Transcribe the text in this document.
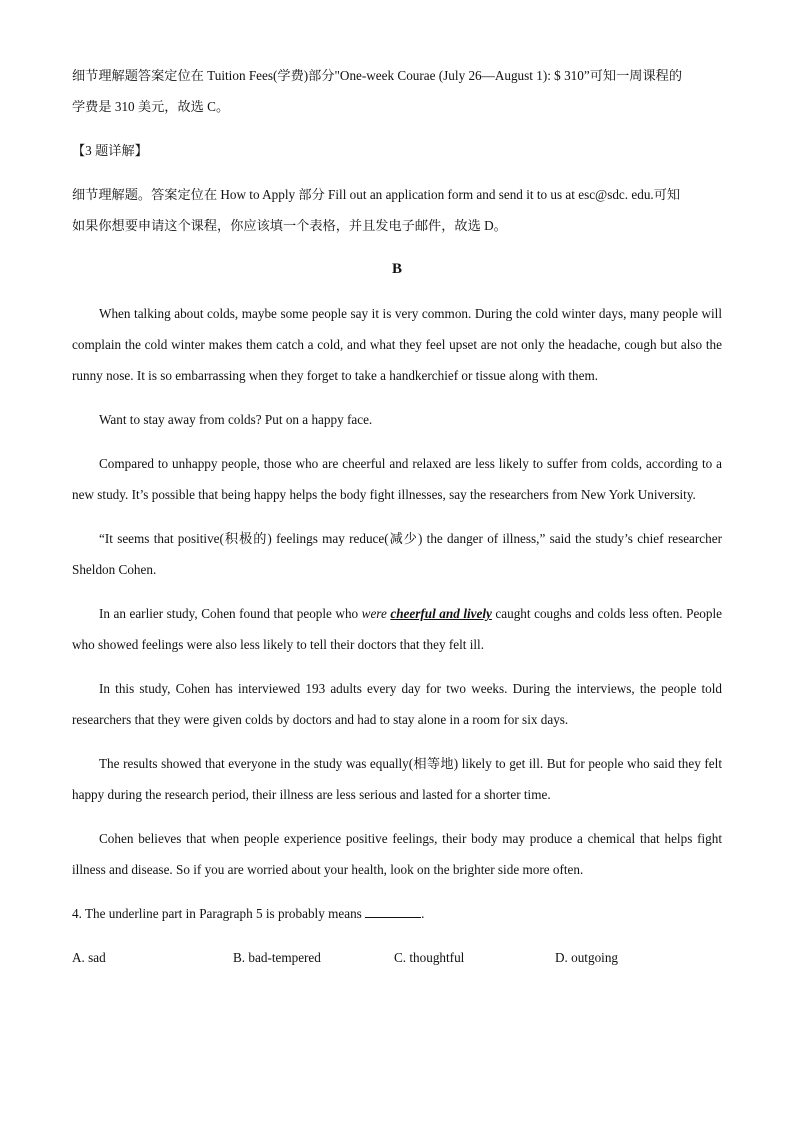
细节理解题答案定位在 Tuition Fees(学费)部分"One-week Courae (July 26—August 1): $ 310”可知一周课程的

学费是 310 美元，故选 C。

【3 题详解】

细节理解题。答案定位在 How to Apply 部分 Fill out an application form and send it to us at esc@sdc. edu.可知

如果你想要申请这个课程，你应该填一个表格，并且发电子邮件，故选 D。

B

When talking about colds, maybe some people say it is very common. During the cold winter days, many people will complain the cold winter makes them catch a cold, and what they feel upset are not only the headache, cough but also the runny nose. It is so embarrassing when they forget to take a handkerchief or tissue along with them.

Want to stay away from colds? Put on a happy face.

Compared to unhappy people, those who are cheerful and relaxed are less likely to suffer from colds, according to a new study. It’s possible that being happy helps the body fight illnesses, say the researchers from New York University.

“It seems that positive(积极的) feelings may reduce(减少) the danger of illness,” said the study’s chief researcher Sheldon Cohen.

In an earlier study, Cohen found that people who were cheerful and lively caught coughs and colds less often. People who showed feelings were also less likely to tell their doctors that they felt ill.

In this study, Cohen has interviewed 193 adults every day for two weeks. During the interviews, the people told researchers that they were given colds by doctors and had to stay alone in a room for six days.

The results showed that everyone in the study was equally(相等地) likely to get ill. But for people who said they felt happy during the research period, their illness are less serious and lasted for a shorter time.

Cohen believes that when people experience positive feelings, their body may produce a chemical that helps fight illness and disease. So if you are worried about your health, look on the brighter side more often.

4. The underline part in Paragraph 5 is probably means	.

A. sad	B. bad-tempered	C. thoughtful	D. outgoing
